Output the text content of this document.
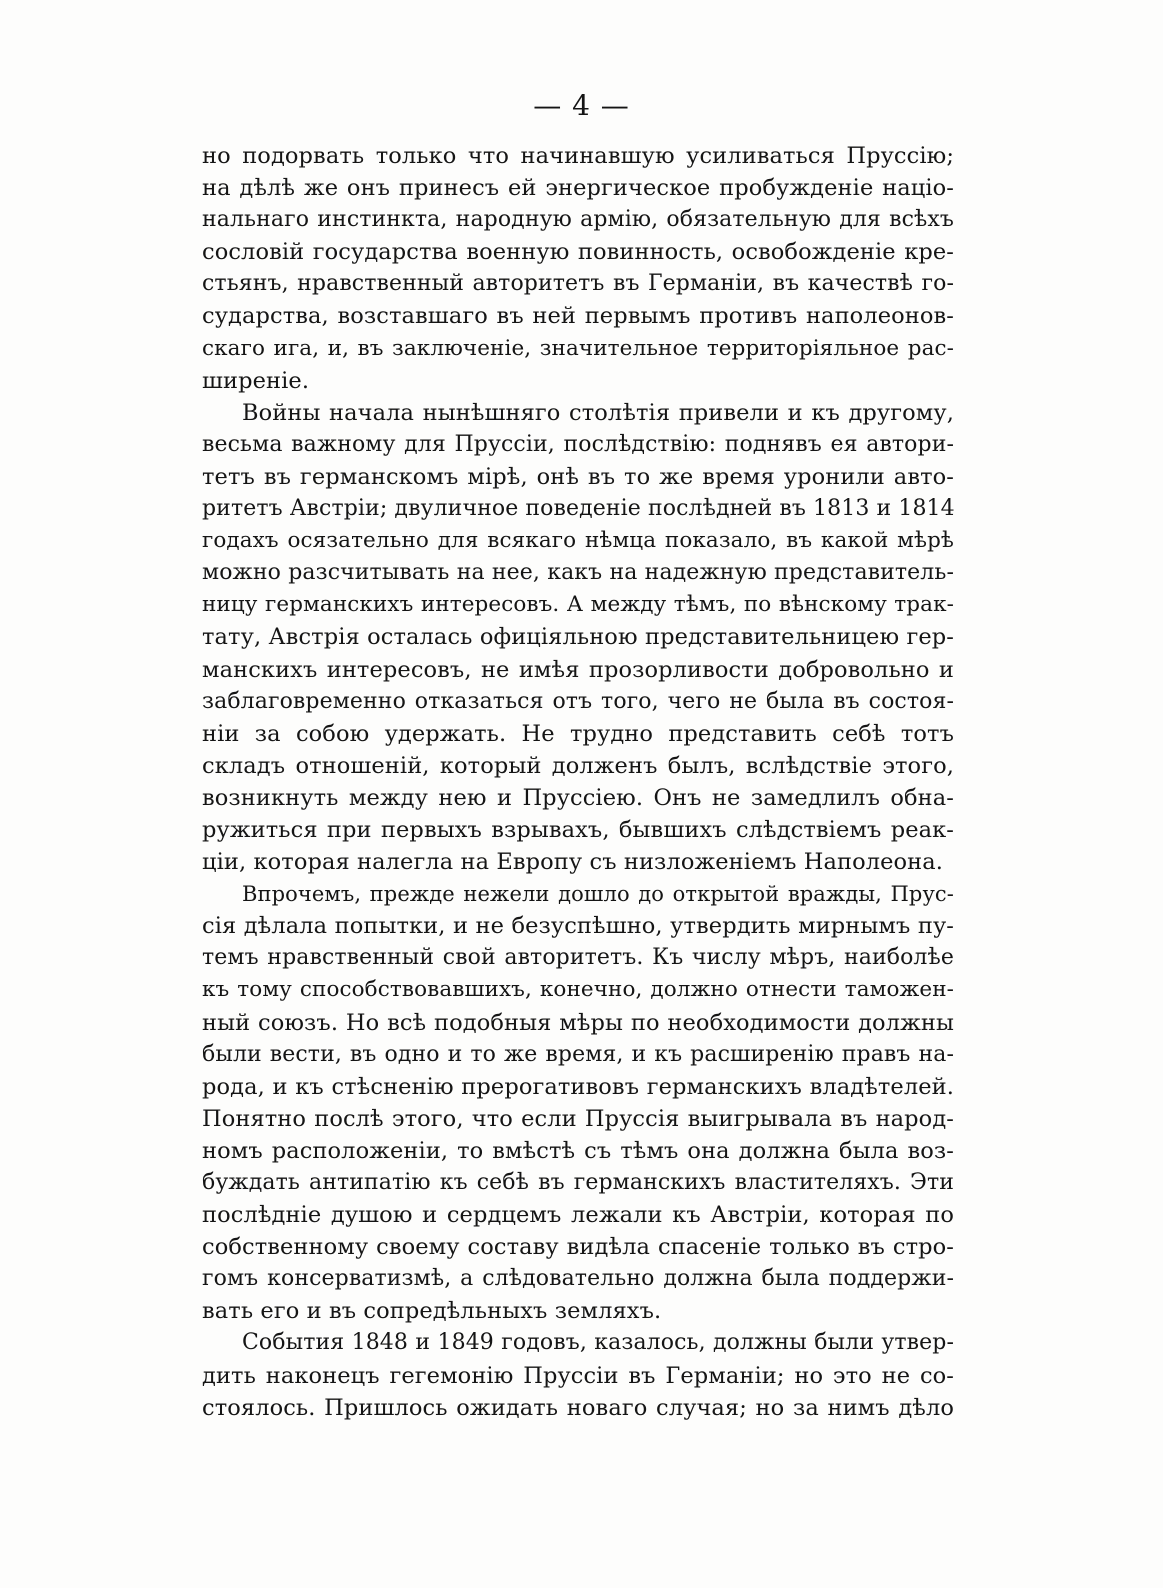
— 4 —
но подорвать только что начинавшую усиливаться Пруссію;
на дѣлѣ же онъ принесъ ей энергическое пробужденіе націо-
нальнаго инстинкта, народную армію, обязательную для всѣхъ
сословій государства военную повинность, освобожденіе кре-
стьянъ, нравственный авторитетъ въ Германіи, въ качествѣ го-
сударства, возставшаго въ ней первымъ противъ наполеонов-
скаго ига, и, въ заключеніе, значительное территоріяльное рас-
ширеніе.
Войны начала нынѣшняго столѣтія привели и къ другому,
весьма важному для Пруссіи, послѣдствію: поднявъ ея автори-
тетъ въ германскомъ мірѣ, онѣ въ то же время уронили авто-
ритетъ Австріи; двуличное поведеніе послѣдней въ 1813 и 1814
годахъ осязательно для всякаго нѣмца показало, въ какой мѣрѣ
можно разсчитывать на нее, какъ на надежную представитель-
ницу германскихъ интересовъ. А между тѣмъ, по вѣнскому трак-
тату, Австрія осталась офиціяльною представительницею гер-
манскихъ интересовъ, не имѣя прозорливости добровольно и
заблаговременно отказаться отъ того, чего не была въ состоя-
ніи за собою удержать. Не трудно представить себѣ тотъ
складъ отношеній, который долженъ былъ, вслѣдствіе этого,
возникнуть между нею и Пруссіею. Онъ не замедлилъ обна-
ружиться при первыхъ взрывахъ, бывшихъ слѣдствіемъ реак-
ціи, которая налегла на Европу съ низложеніемъ Наполеона.
Впрочемъ, прежде нежели дошло до открытой вражды, Прус-
сія дѣлала попытки, и не безуспѣшно, утвердить мирнымъ пу-
темъ нравственный свой авторитетъ. Къ числу мѣръ, наиболѣе
къ тому способствовавшихъ, конечно, должно отнести таможен-
ный союзъ. Но всѣ подобныя мѣры по необходимости должны
были вести, въ одно и то же время, и къ расширенію правъ на-
рода, и къ стѣсненію прерогативовъ германскихъ владѣтелей.
Понятно послѣ этого, что если Пруссія выигрывала въ народ-
номъ расположеніи, то вмѣстѣ съ тѣмъ она должна была воз-
буждать антипатію къ себѣ въ германскихъ властителяхъ. Эти
послѣдніе душою и сердцемъ лежали къ Австріи, которая по
собственному своему составу видѣла спасеніе только въ стро-
гомъ консерватизмѣ, а слѣдовательно должна была поддержи-
вать его и въ сопредѣльныхъ земляхъ.
События 1848 и 1849 годовъ, казалось, должны были утвер-
дить наконецъ гегемонію Пруссіи въ Германіи; но это не со-
стоялось. Пришлось ожидать новаго случая; но за нимъ дѣло
